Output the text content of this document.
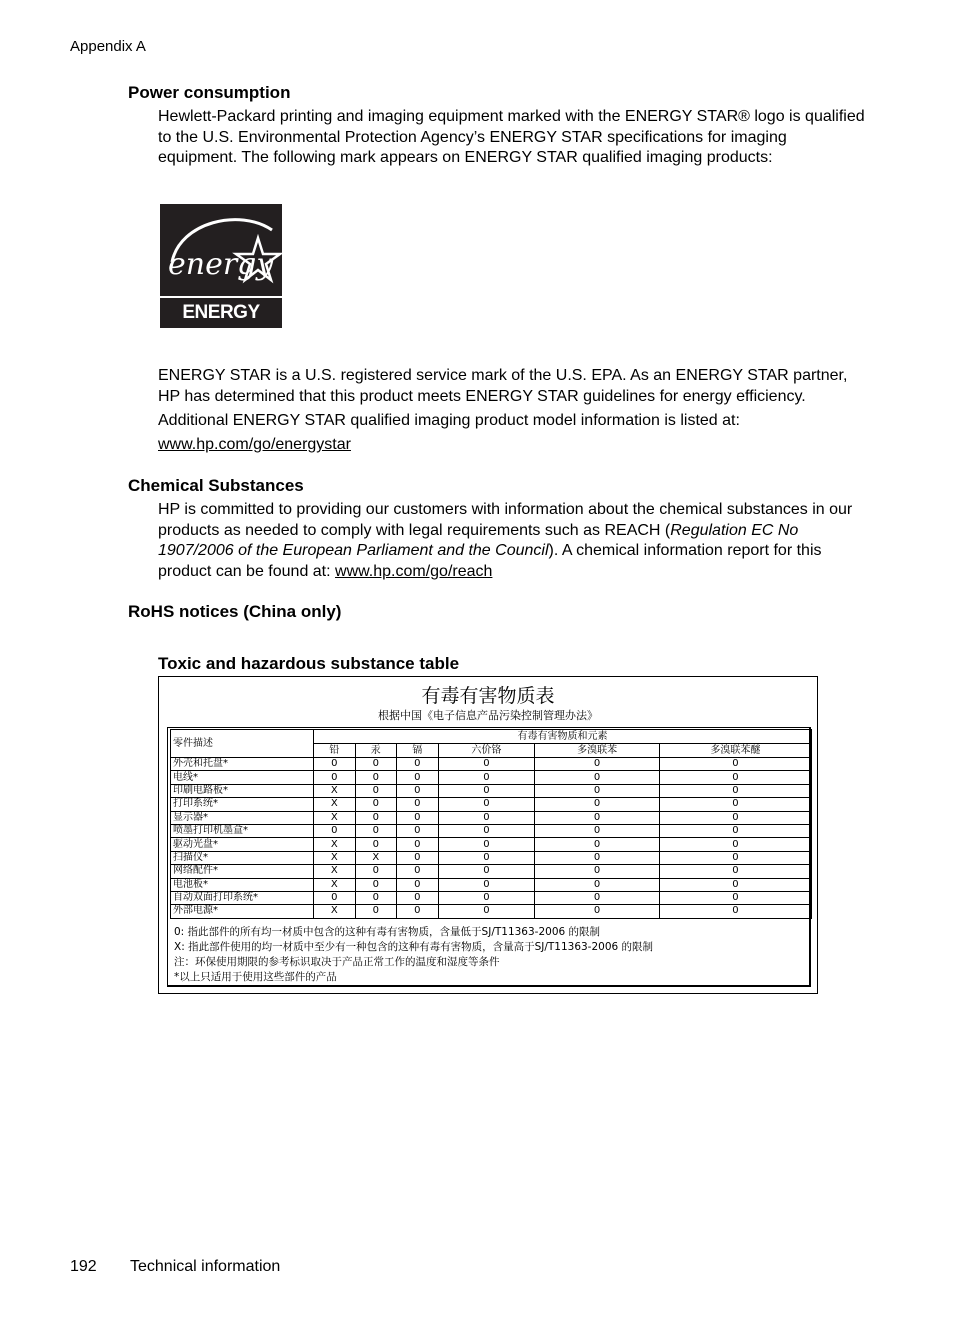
Appendix A
Power consumption

Hewlett-Packard printing and imaging equipment marked with the ENERGY STAR® logo is qualified to the U.S. Environmental Protection Agency’s ENERGY STAR specifications for imaging equipment. The following mark appears on ENERGY STAR qualified imaging products:

energy
ENERGY STAR

ENERGY STAR is a U.S. registered service mark of the U.S. EPA. As an ENERGY STAR partner, HP has determined that this product meets ENERGY STAR guidelines for energy efficiency.

Additional ENERGY STAR qualified imaging product model information is listed at:

www.hp.com/go/energystar

Chemical Substances

HP is committed to providing our customers with information about the chemical substances in our products as needed to comply with legal requirements such as REACH (Regulation EC No 1907/2006 of the European Parliament and the Council). A chemical information report for this product can be found at: www.hp.com/go/reach

RoHS notices (China only)
Toxic and hazardous substance table
有毒有害物质表
根据中国《电子信息产品污染控制管理办法》
零件描述	有毒有害物质和元素					
	铅	汞	镉	六价铬	多溴联苯	多溴联苯醚
外壳和托盘*	0	0	0	0	0	0
电线*	0	0	0	0	0	0
印刷电路板*	X	0	0	0	0	0
打印系统*	X	0	0	0	0	0
显示器*	X	0	0	0	0	0
喷墨打印机墨盒*	0	0	0	0	0	0
驱动光盘*	X	0	0	0	0	0
扫描仪*	X	X	0	0	0	0
网络配件*	X	0	0	0	0	0
电池板*	X	0	0	0	0	0
自动双面打印系统*	0	0	0	0	0	0
外部电源*	X	0	0	0	0	0
0: 指此部件的所有均一材质中包含的这种有毒有害物质，含量低于SJ/T11363-2006 的限制
X: 指此部件使用的均一材质中至少有一种包含的这种有毒有害物质，含量高于SJ/T11363-2006 的限制
注：环保使用期限的参考标识取决于产品正常工作的温度和湿度等条件
*以上只适用于使用这些部件的产品
192 Technical information
